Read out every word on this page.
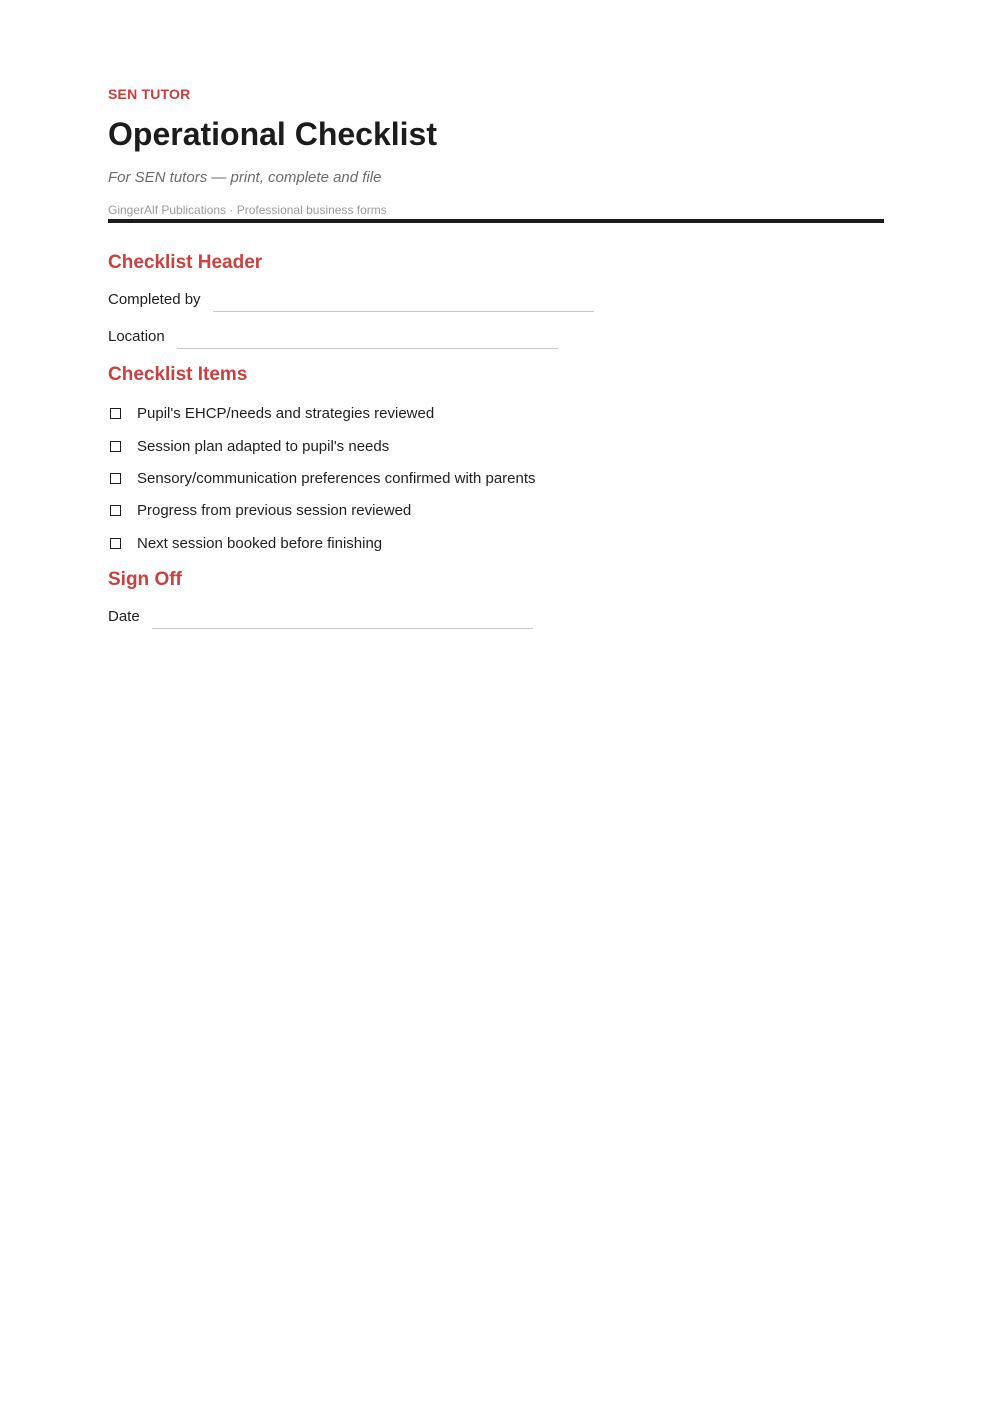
SEN TUTOR
Operational Checklist
For SEN tutors — print, complete and file
GingerAlf Publications · Professional business forms
Checklist Header
Completed by
Location
Checklist Items
Pupil's EHCP/needs and strategies reviewed
Session plan adapted to pupil's needs
Sensory/communication preferences confirmed with parents
Progress from previous session reviewed
Next session booked before finishing
Sign Off
Date
